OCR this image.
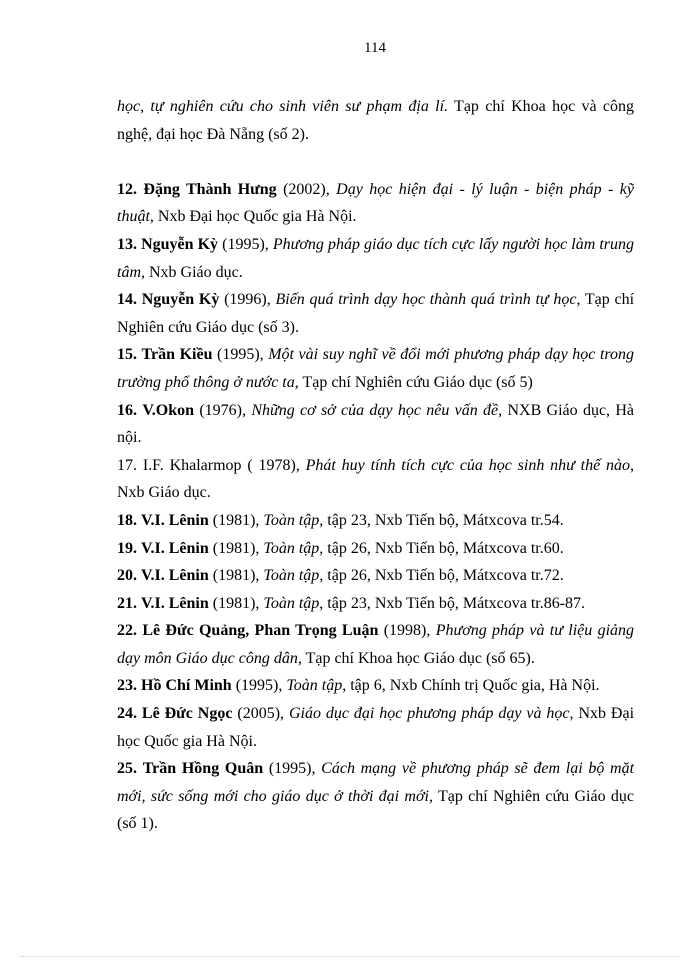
114

học, tự nghiên cứu cho sinh viên sư phạm địa lí. Tạp chí Khoa học và công nghệ, đại học Đà Nẵng (số 2).

12. Đặng Thành Hưng (2002), Dạy học hiện đại - lý luận - biện pháp - kỹ thuật, Nxb Đại học Quốc gia Hà Nội.

13. Nguyễn Kỳ (1995), Phương pháp giáo dục tích cực lấy người học làm trung tâm, Nxb Giáo dục.

14. Nguyễn Kỳ (1996), Biến quá trình dạy học thành quá trình tự học, Tạp chí Nghiên cứu Giáo dục (số 3).

15. Trần Kiều (1995), Một vài suy nghĩ về đổi mới phương pháp dạy học trong trường phổ thông ở nước ta, Tạp chí Nghiên cứu Giáo dục (số 5)

16. V.Okon (1976), Những cơ sở của dạy học nêu vấn đề, NXB Giáo dục, Hà nội.

17. I.F. Khalarmop ( 1978), Phát huy tính tích cực của học sinh như thế nào, Nxb Giáo dục.

18. V.I. Lênin (1981), Toàn tập, tập 23, Nxb Tiến bộ, Mátxcova tr.54.

19. V.I. Lênin (1981), Toàn tập, tập 26, Nxb Tiến bộ, Mátxcova tr.60.

20. V.I. Lênin (1981), Toàn tập, tập 26, Nxb Tiến bộ, Mátxcova tr.72.

21. V.I. Lênin (1981), Toàn tập, tập 23, Nxb Tiến bộ, Mátxcova tr.86-87.

22. Lê Đức Quảng, Phan Trọng Luận (1998), Phương pháp và tư liệu giảng dạy môn Giáo dục công dân, Tạp chí Khoa học Giáo dục (số 65).

23. Hồ Chí Minh (1995), Toàn tập, tập 6, Nxb Chính trị Quốc gia, Hà Nội.

24. Lê Đức Ngọc (2005), Giáo dục đại học phương pháp dạy và học, Nxb Đại học Quốc gia Hà Nội.

25. Trần Hồng Quân (1995), Cách mạng về phương pháp sẽ đem lại bộ mặt mới, sức sống mới cho giáo dục ở thời đại mới, Tạp chí Nghiên cứu Giáo dục (số 1).
